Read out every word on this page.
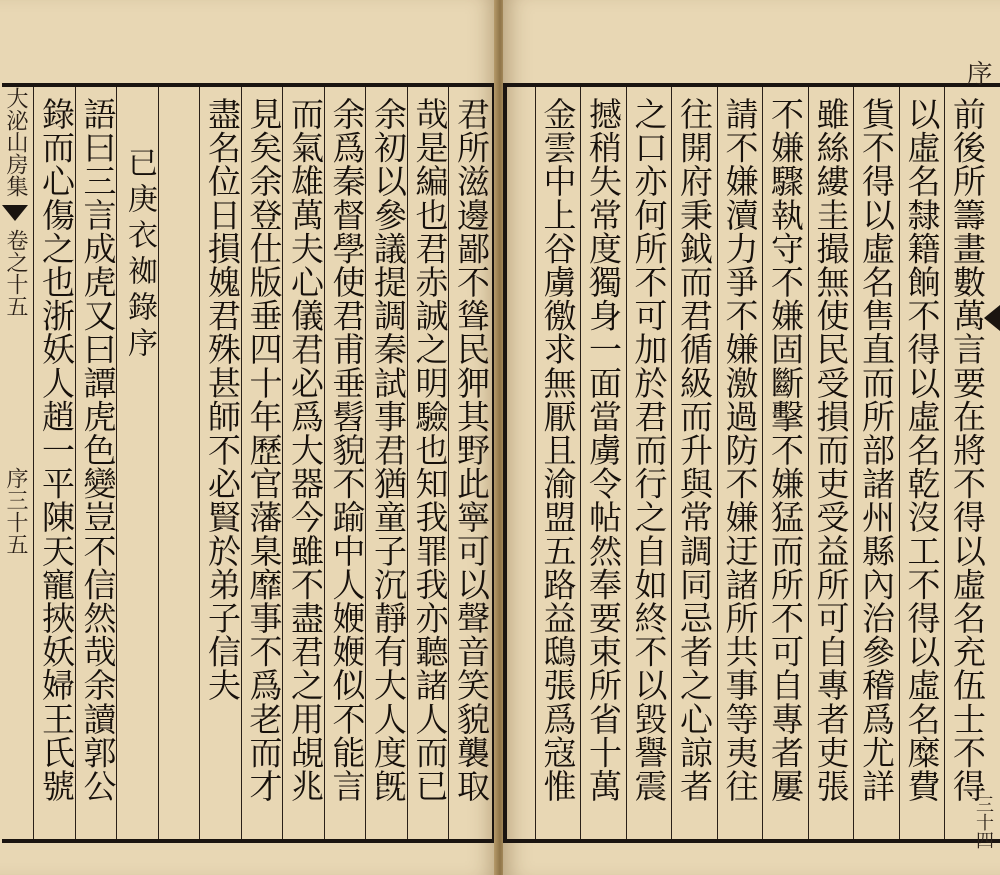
君所滋邊鄙不聳民狎其野此寧可以聲音笑貌襲取
哉是編也君赤誠之明驗也知我罪我亦聽諸人而已
余初以參議提調秦試事君猶童子沉靜有大人度旣
余爲秦督學使君甫垂髫貌不踰中人㛹㛹似不能言
而氣雄萬夫心儀君必爲大器今雖不盡君之用覘兆
見矣余登仕版垂四十年歷官藩臬靡事不爲老而才
盡名位日損媿君殊甚師不必賢於弟子信夫
已庚衣袽錄序
語曰三言成虎又曰譚虎色變豈不信然哉余讀郭公
錄而心傷之也浙妖人趙一平陳天寵挾妖婦王氏號
大泌山房集
卷之十五
序
三十五	前後所籌畫數萬言要在將不得以虛名充伍士不得
以虛名隸籍餉不得以虛名乾沒工不得以虛名糜費
貨不得以虛名售直而所部諸州縣內治參稽爲尤詳
雖絲縷圭撮無使民受損而吏受益所可自專者吏張
不嫌驟執守不嫌固斷擊不嫌猛而所不可自專者屢
請不嫌瀆力爭不嫌激過防不嫌迂諸所共事等夷往
往開府秉鉞而君循級而升與常調同忌者之心諒者
之口亦何所不可加於君而行之自如終不以毀譽震
撼稍失常度獨身一面當虜令帖然奉要束所省十萬
金雲中上谷虜徼求無厭且渝盟五路益鴟張爲寇惟
序
三十四
